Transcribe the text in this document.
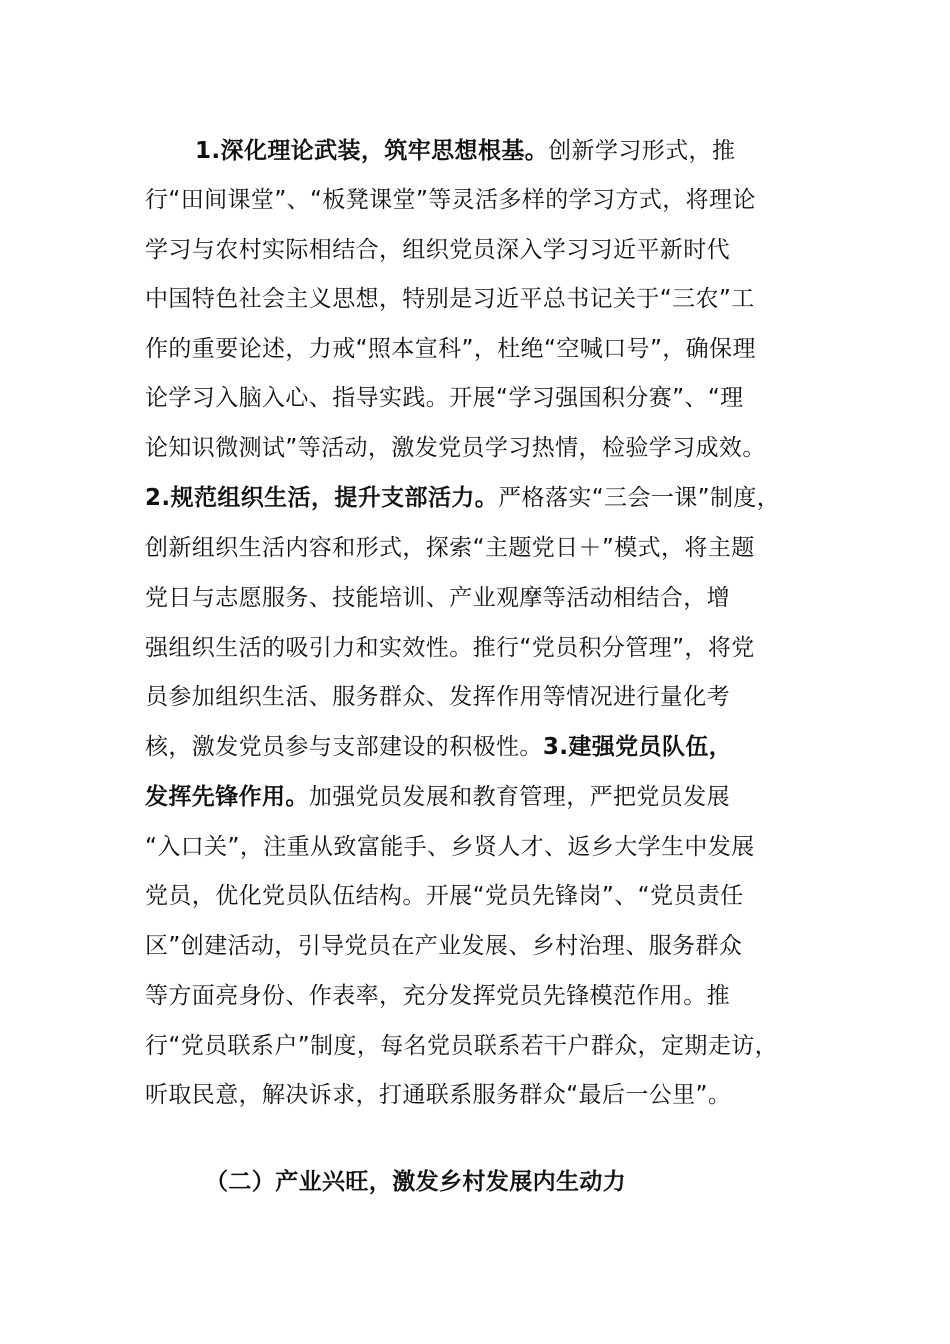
1.深化理论武装，筑牢思想根基。创新学习形式，推
行“田间课堂”、“板凳课堂”等灵活多样的学习方式，将理论
学习与农村实际相结合，组织党员深入学习习近平新时代
中国特色社会主义思想，特别是习近平总书记关于“三农”工
作的重要论述，力戒“照本宣科”，杜绝“空喊口号”，确保理
论学习入脑入心、指导实践。开展“学习强国积分赛”、“理
论知识微测试”等活动，激发党员学习热情，检验学习成效。
2.规范组织生活，提升支部活力。严格落实“三会一课”制度，
创新组织生活内容和形式，探索“主题党日＋”模式，将主题
党日与志愿服务、技能培训、产业观摩等活动相结合，增
强组织生活的吸引力和实效性。推行“党员积分管理”，将党
员参加组织生活、服务群众、发挥作用等情况进行量化考
核，激发党员参与支部建设的积极性。3.建强党员队伍，
发挥先锋作用。加强党员发展和教育管理，严把党员发展
“入口关”，注重从致富能手、乡贤人才、返乡大学生中发展
党员，优化党员队伍结构。开展“党员先锋岗”、“党员责任
区”创建活动，引导党员在产业发展、乡村治理、服务群众
等方面亮身份、作表率，充分发挥党员先锋模范作用。推
行“党员联系户”制度，每名党员联系若干户群众，定期走访，
听取民意，解决诉求，打通联系服务群众“最后一公里”。
（二）产业兴旺，激发乡村发展内生动力
